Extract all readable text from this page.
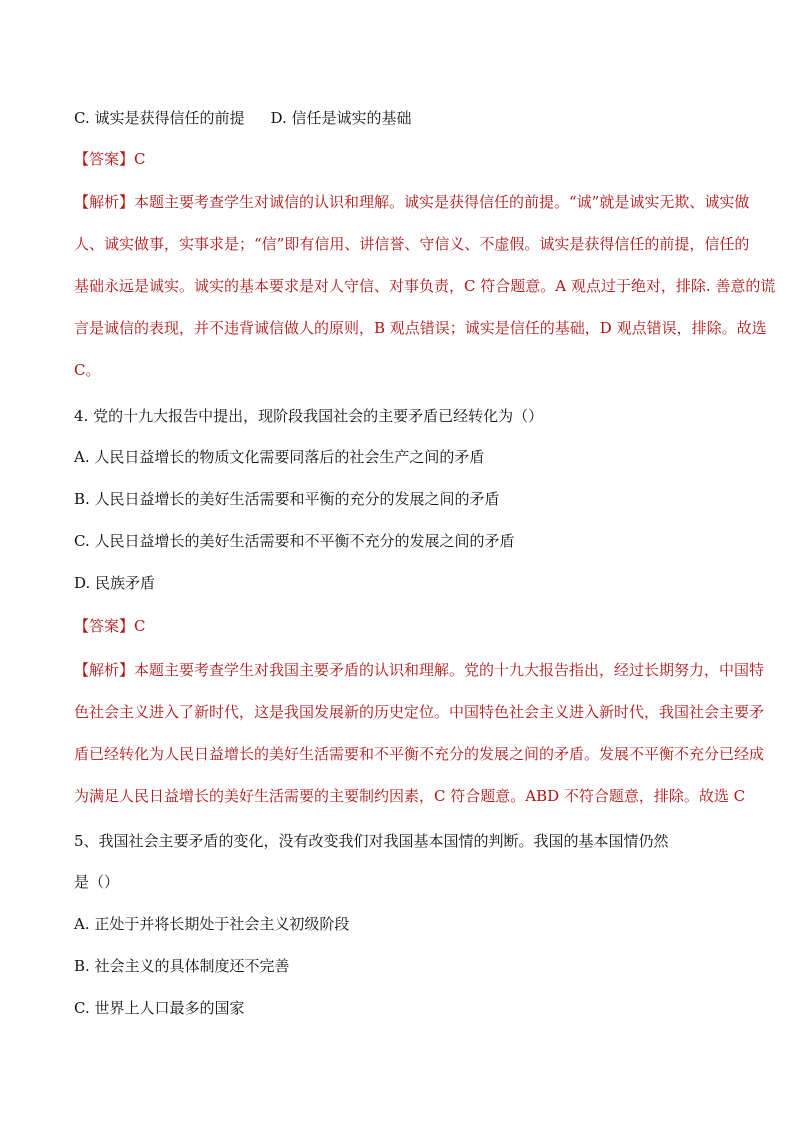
C. 诚实是获得信任的前提 D. 信任是诚实的基础

【答案】C

【解析】本题主要考查学生对诚信的认识和理解。诚实是获得信任的前提。“诚”就是诚实无欺、诚实做
人、诚实做事，实事求是；“信”即有信用、讲信誉、守信义、不虚假。诚实是获得信任的前提，信任的
基础永远是诚实。诚实的基本要求是对人守信、对事负责，C 符合题意。A 观点过于绝对，排除. 善意的谎
言是诚信的表现，并不违背诚信做人的原则，B 观点错误；诚实是信任的基础，D 观点错误，排除。故选
C。

4. 党的十九大报告中提出，现阶段我国社会的主要矛盾已经转化为（）

A. 人民日益增长的物质文化需要同落后的社会生产之间的矛盾

B. 人民日益增长的美好生活需要和平衡的充分的发展之间的矛盾

C. 人民日益增长的美好生活需要和不平衡不充分的发展之间的矛盾

D. 民族矛盾

【答案】C

【解析】本题主要考查学生对我国主要矛盾的认识和理解。党的十九大报告指出，经过长期努力，中国特
色社会主义进入了新时代，这是我国发展新的历史定位。中国特色社会主义进入新时代，我国社会主要矛
盾已经转化为人民日益增长的美好生活需要和不平衡不充分的发展之间的矛盾。发展不平衡不充分已经成
为满足人民日益增长的美好生活需要的主要制约因素，C 符合题意。ABD 不符合题意，排除。故选 C

5、我国社会主要矛盾的变化，没有改变我们对我国基本国情的判断。我国的基本国情仍然

是（）

A. 正处于并将长期处于社会主义初级阶段

B. 社会主义的具体制度还不完善

C. 世界上人口最多的国家
